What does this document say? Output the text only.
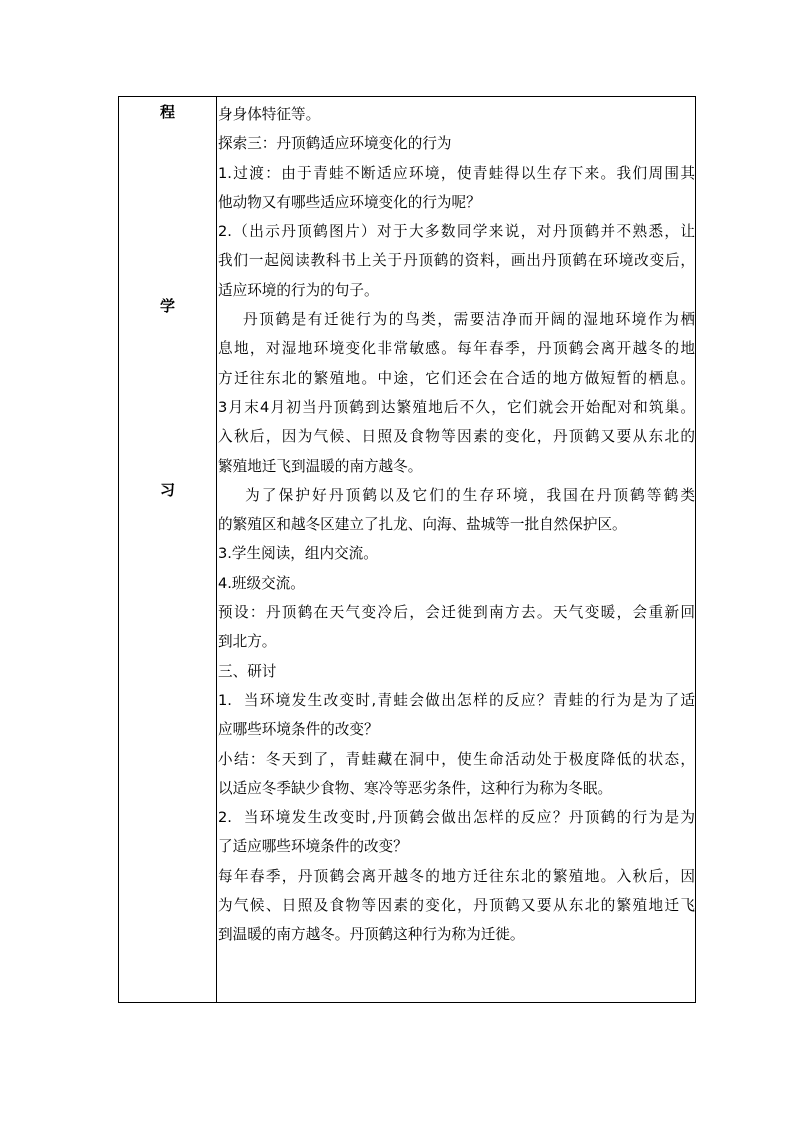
程
学
习
身身体特征等。
探索三：丹顶鹤适应环境变化的行为
1.过渡：由于青蛙不断适应环境，使青蛙得以生存下来。我们周围其
他动物又有哪些适应环境变化的行为呢？
2.（出示丹顶鹤图片）对于大多数同学来说，对丹顶鹤并不熟悉，让
我们一起阅读教科书上关于丹顶鹤的资料，画出丹顶鹤在环境改变后，
适应环境的行为的句子。
丹顶鹤是有迁徙行为的鸟类，需要洁净而开阔的湿地环境作为栖
息地，对湿地环境变化非常敏感。每年春季，丹顶鹤会离开越冬的地
方迁往东北的繁殖地。中途，它们还会在合适的地方做短暂的栖息。
3月末4月初当丹顶鹤到达繁殖地后不久，它们就会开始配对和筑巢。
入秋后，因为气候、日照及食物等因素的变化，丹顶鹤又要从东北的
繁殖地迁飞到温暖的南方越冬。
为了保护好丹顶鹤以及它们的生存环境，我国在丹顶鹤等鹤类
的繁殖区和越冬区建立了扎龙、向海、盐城等一批自然保护区。
3.学生阅读，组内交流。
4.班级交流。
预设：丹顶鹤在天气变冷后，会迁徙到南方去。天气变暖，会重新回
到北方。
三、研讨
1.  当环境发生改变时,青蛙会做出怎样的反应？青蛙的行为是为了适
应哪些环境条件的改变？
小结：冬天到了，青蛙藏在洞中，使生命活动处于极度降低的状态，
以适应冬季缺少食物、寒冷等恶劣条件，这种行为称为冬眠。
2.  当环境发生改变时,丹顶鹤会做出怎样的反应？丹顶鹤的行为是为
了适应哪些环境条件的改变？
每年春季，丹顶鹤会离开越冬的地方迁往东北的繁殖地。入秋后，因
为气候、日照及食物等因素的变化，丹顶鹤又要从东北的繁殖地迁飞
到温暖的南方越冬。丹顶鹤这种行为称为迁徙。
